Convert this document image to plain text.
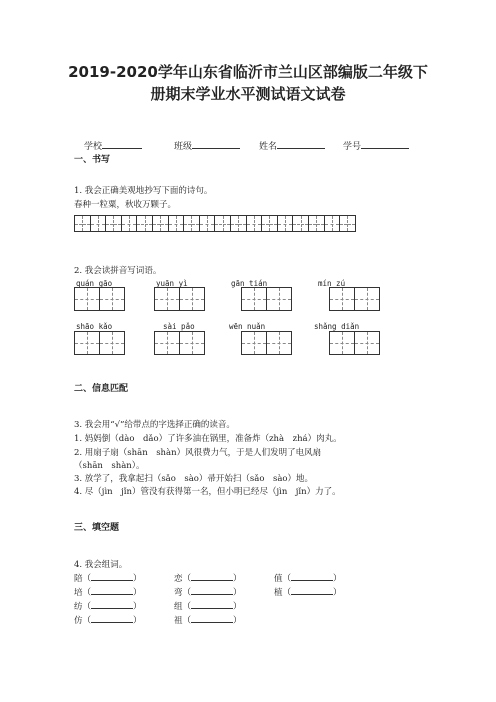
2019-2020学年山东省临沂市兰山区部编版二年级下
册期末学业水平测试语文试卷
学校	班级	姓名	学号
一、书写
1. 我会正确美观地抄写下面的诗句。
春种一粒粟，秋收万颗子。
2. 我会读拼音写词语。
quán gāo	yuān yì	gān tián	mín zú
shāo kǎo	sài pǎo	wēn nuǎn	shǎng diǎn
二、信息匹配
3. 我会用“√”给带点的字选择正确的读音。
1. 妈妈倒（dào　dǎo）了许多油在锅里，准备炸（zhà　zhá）肉丸。
2. 用扇子扇（shān　shàn）风很费力气，于是人们发明了电风扇
（shān　shàn）。
3. 放学了，我拿起扫（sǎo　sào）帚开始扫（sǎo　sào）地。
4. 尽（jìn　jǐn）管没有获得第一名，但小明已经尽（jìn　jǐn）力了。
三、填空题
4. 我会组词。
陪（	）	恋（	）	值（	）
培（	）	弯（	）	植（	）
纺（	）	组（	）
仿（	）	祖（	）
